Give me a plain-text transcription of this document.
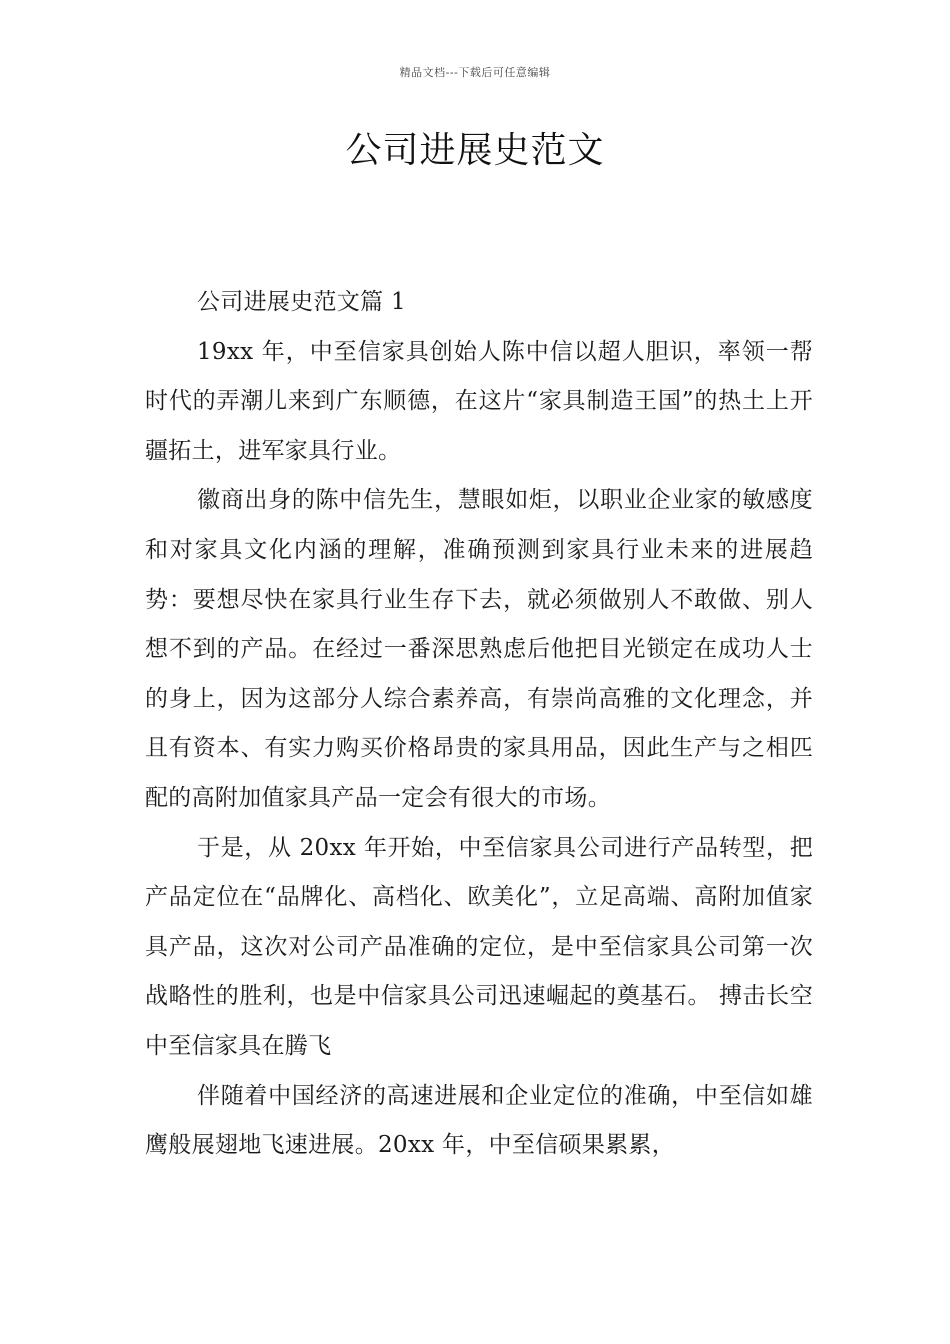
精品文档---下载后可任意编辑
公司进展史范文

公司进展史范文篇 1

19xx 年，中至信家具创始人陈中信以超人胆识，率领一帮时代的弄潮儿来到广东顺德，在这片“家具制造王国”的热土上开疆拓土，进军家具行业。

徽商出身的陈中信先生，慧眼如炬，以职业企业家的敏感度和对家具文化内涵的理解，准确预测到家具行业未来的进展趋势：要想尽快在家具行业生存下去，就必须做别人不敢做、别人想不到的产品。在经过一番深思熟虑后他把目光锁定在成功人士的身上，因为这部分人综合素养高，有崇尚高雅的文化理念，并且有资本、有实力购买价格昂贵的家具用品，因此生产与之相匹配的高附加值家具产品一定会有很大的市场。

于是，从 20xx 年开始，中至信家具公司进行产品转型，把产品定位在“品牌化、高档化、欧美化”，立足高端、高附加值家具产品，这次对公司产品准确的定位，是中至信家具公司第一次战略性的胜利，也是中信家具公司迅速崛起的奠基石。 搏击长空 中至信家具在腾飞

伴随着中国经济的高速进展和企业定位的准确，中至信如雄鹰般展翅地飞速进展。20xx 年，中至信硕果累累，
